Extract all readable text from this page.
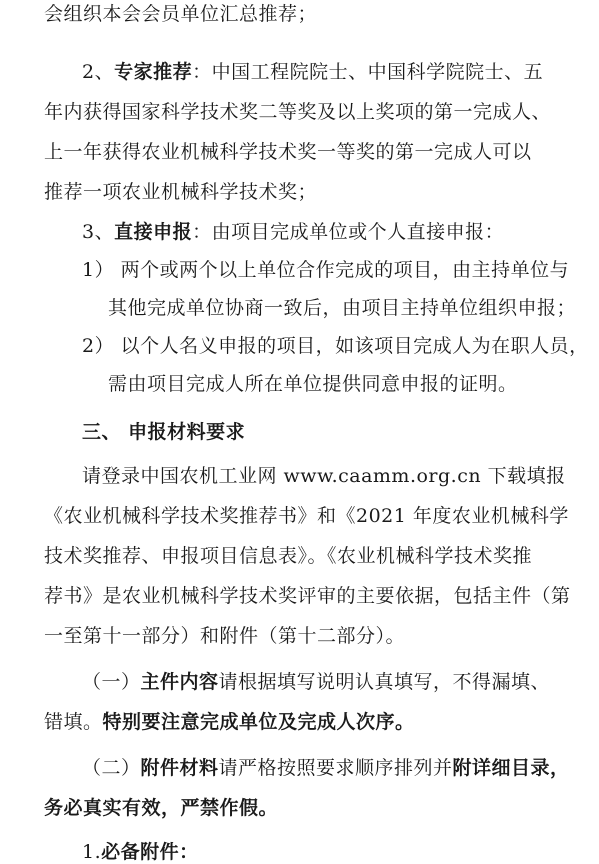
会组织本会会员单位汇总推荐；
2、专家推荐：中国工程院院士、中国科学院院士、五
年内获得国家科学技术奖二等奖及以上奖项的第一完成人、
上一年获得农业机械科学技术奖一等奖的第一完成人可以
推荐一项农业机械科学技术奖；
3、直接申报：由项目完成单位或个人直接申报：
1） 两个或两个以上单位合作完成的项目，由主持单位与
其他完成单位协商一致后，由项目主持单位组织申报；
2） 以个人名义申报的项目，如该项目完成人为在职人员，
需由项目完成人所在单位提供同意申报的证明。
三、 申报材料要求
请登录中国农机工业网 www.caamm.org.cn 下载填报
《农业机械科学技术奖推荐书》和《2021 年度农业机械科学
技术奖推荐、申报项目信息表》。《农业机械科学技术奖推
荐书》是农业机械科学技术奖评审的主要依据，包括主件（第
一至第十一部分）和附件（第十二部分）。
（一）主件内容请根据填写说明认真填写，不得漏填、
错填。特别要注意完成单位及完成人次序。
（二）附件材料请严格按照要求顺序排列并附详细目录，
务必真实有效，严禁作假。
1.必备附件：
